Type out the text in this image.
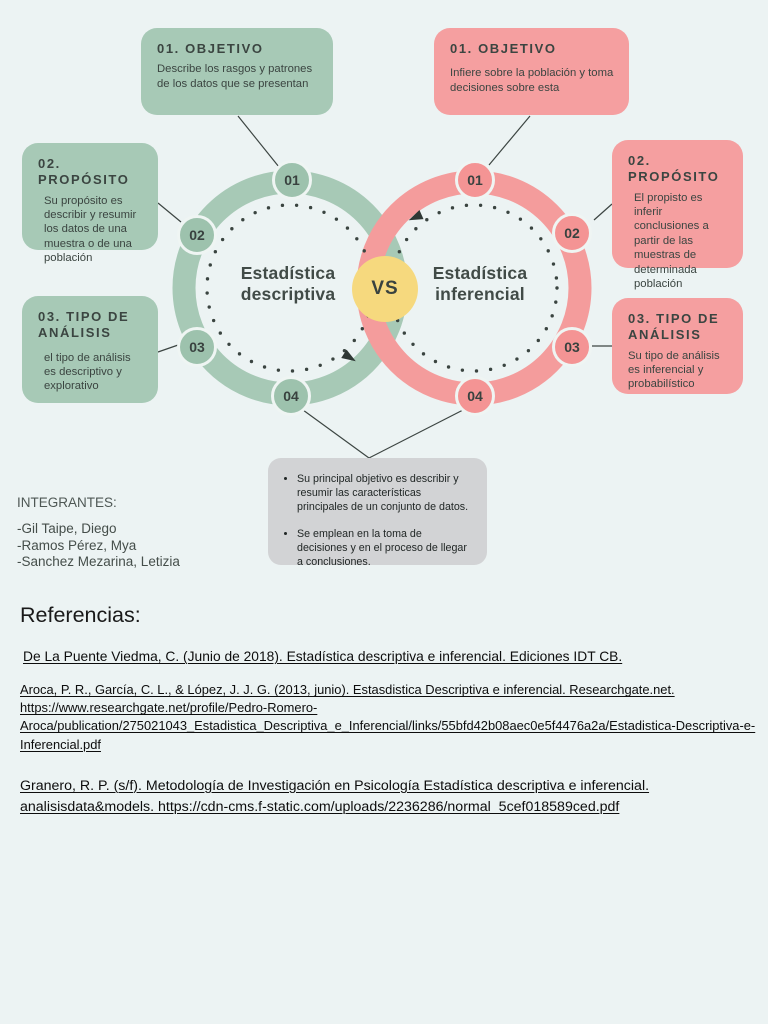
01. OBJETIVO
Describe los rasgos y patrones de los datos que se presentan
02. PROPÓSITO
Su propósito es describir y resumir los datos de una muestra o de una población
03. TIPO DE ANÁLISIS
el tipo de análisis es descriptivo y explorativo
01. OBJETIVO
Infiere sobre la población y toma decisiones sobre esta
02. PROPÓSITO
El propisto es inferir conclusiones a partir de las muestras de determinada población
03. TIPO DE ANÁLISIS
Su tipo de análisis es inferencial y probabilístico
01
02
03
04
01
02
03
04
Estadística descriptiva
Estadística inferencial
VS
• Su principal objetivo es describir y resumir las características principales de un conjunto de datos.
• Se emplean en la toma de decisiones y en el proceso de llegar a conclusiones.
INTEGRANTES:
-Gil Taipe, Diego
-Ramos Pérez, Mya
-Sanchez Mezarina, Letizia
Referencias:
De La Puente Viedma, C. (Junio de 2018). Estadística descriptiva e inferencial. Ediciones IDT CB.
Aroca, P. R., García, C. L., & López, J. J. G. (2013, junio). Estasdistica Descriptiva e inferencial. Researchgate.net. https://www.researchgate.net/profile/Pedro-Romero-Aroca/publication/275021043_Estadistica_Descriptiva_e_Inferencial/links/55bfd42b08aec0e5f4476a2a/Estadistica-Descriptiva-e-Inferencial.pdf
Granero, R. P. (s/f). Metodología de Investigación en Psicología Estadística descriptiva e inferencial. analisisdata&models. https://cdn-cms.f-static.com/uploads/2236286/normal_5cef018589ced.pdf
